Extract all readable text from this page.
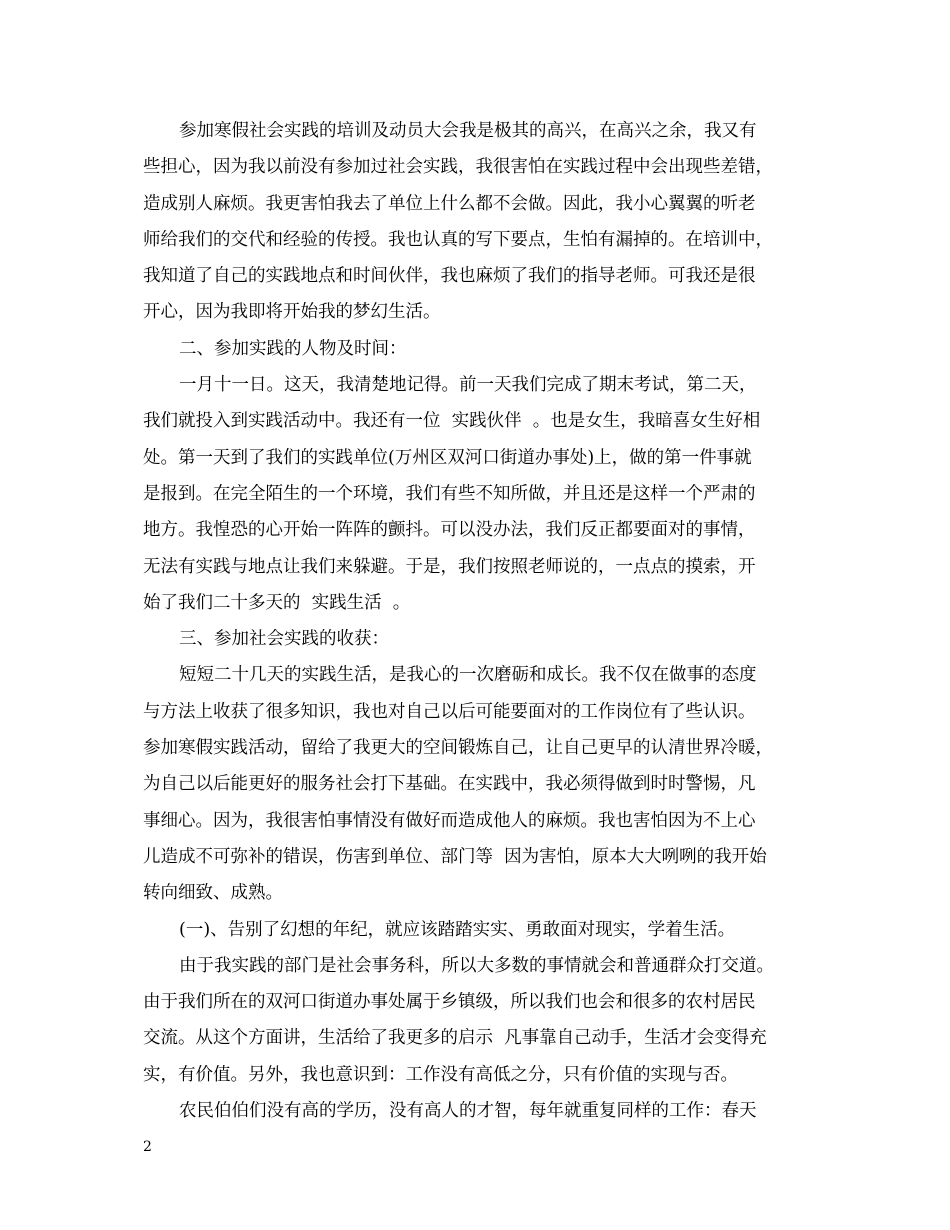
参加寒假社会实践的培训及动员大会我是极其的高兴，在高兴之余，我又有
些担心，因为我以前没有参加过社会实践，我很害怕在实践过程中会出现些差错，
造成别人麻烦。我更害怕我去了单位上什么都不会做。因此，我小心翼翼的听老
师给我们的交代和经验的传授。我也认真的写下要点，生怕有漏掉的。在培训中，
我知道了自己的实践地点和时间伙伴，我也麻烦了我们的指导老师。可我还是很
开心，因为我即将开始我的梦幻生活。
二、参加实践的人物及时间：
一月十一日。这天，我清楚地记得。前一天我们完成了期末考试，第二天，
我们就投入到实践活动中。我还有一位  实践伙伴  。也是女生，我暗喜女生好相
处。第一天到了我们的实践单位(万州区双河口街道办事处)上，做的第一件事就
是报到。在完全陌生的一个环境，我们有些不知所做，并且还是这样一个严肃的
地方。我惶恐的心开始一阵阵的颤抖。可以没办法，我们反正都要面对的事情，
无法有实践与地点让我们来躲避。于是，我们按照老师说的，一点点的摸索，开
始了我们二十多天的  实践生活  。
三、参加社会实践的收获：
短短二十几天的实践生活，是我心的一次磨砺和成长。我不仅在做事的态度
与方法上收获了很多知识，我也对自己以后可能要面对的工作岗位有了些认识。
参加寒假实践活动，留给了我更大的空间锻炼自己，让自己更早的认清世界冷暖，
为自己以后能更好的服务社会打下基础。在实践中，我必须得做到时时警惕，凡
事细心。因为，我很害怕事情没有做好而造成他人的麻烦。我也害怕因为不上心
儿造成不可弥补的错误，伤害到单位、部门等  因为害怕，原本大大咧咧的我开始
转向细致、成熟。
(一)、告别了幻想的年纪，就应该踏踏实实、勇敢面对现实，学着生活。
由于我实践的部门是社会事务科，所以大多数的事情就会和普通群众打交道。
由于我们所在的双河口街道办事处属于乡镇级，所以我们也会和很多的农村居民
交流。从这个方面讲，生活给了我更多的启示  凡事靠自己动手，生活才会变得充
实，有价值。另外，我也意识到：工作没有高低之分，只有价值的实现与否。
农民伯伯们没有高的学历，没有高人的才智，每年就重复同样的工作：春天
2
